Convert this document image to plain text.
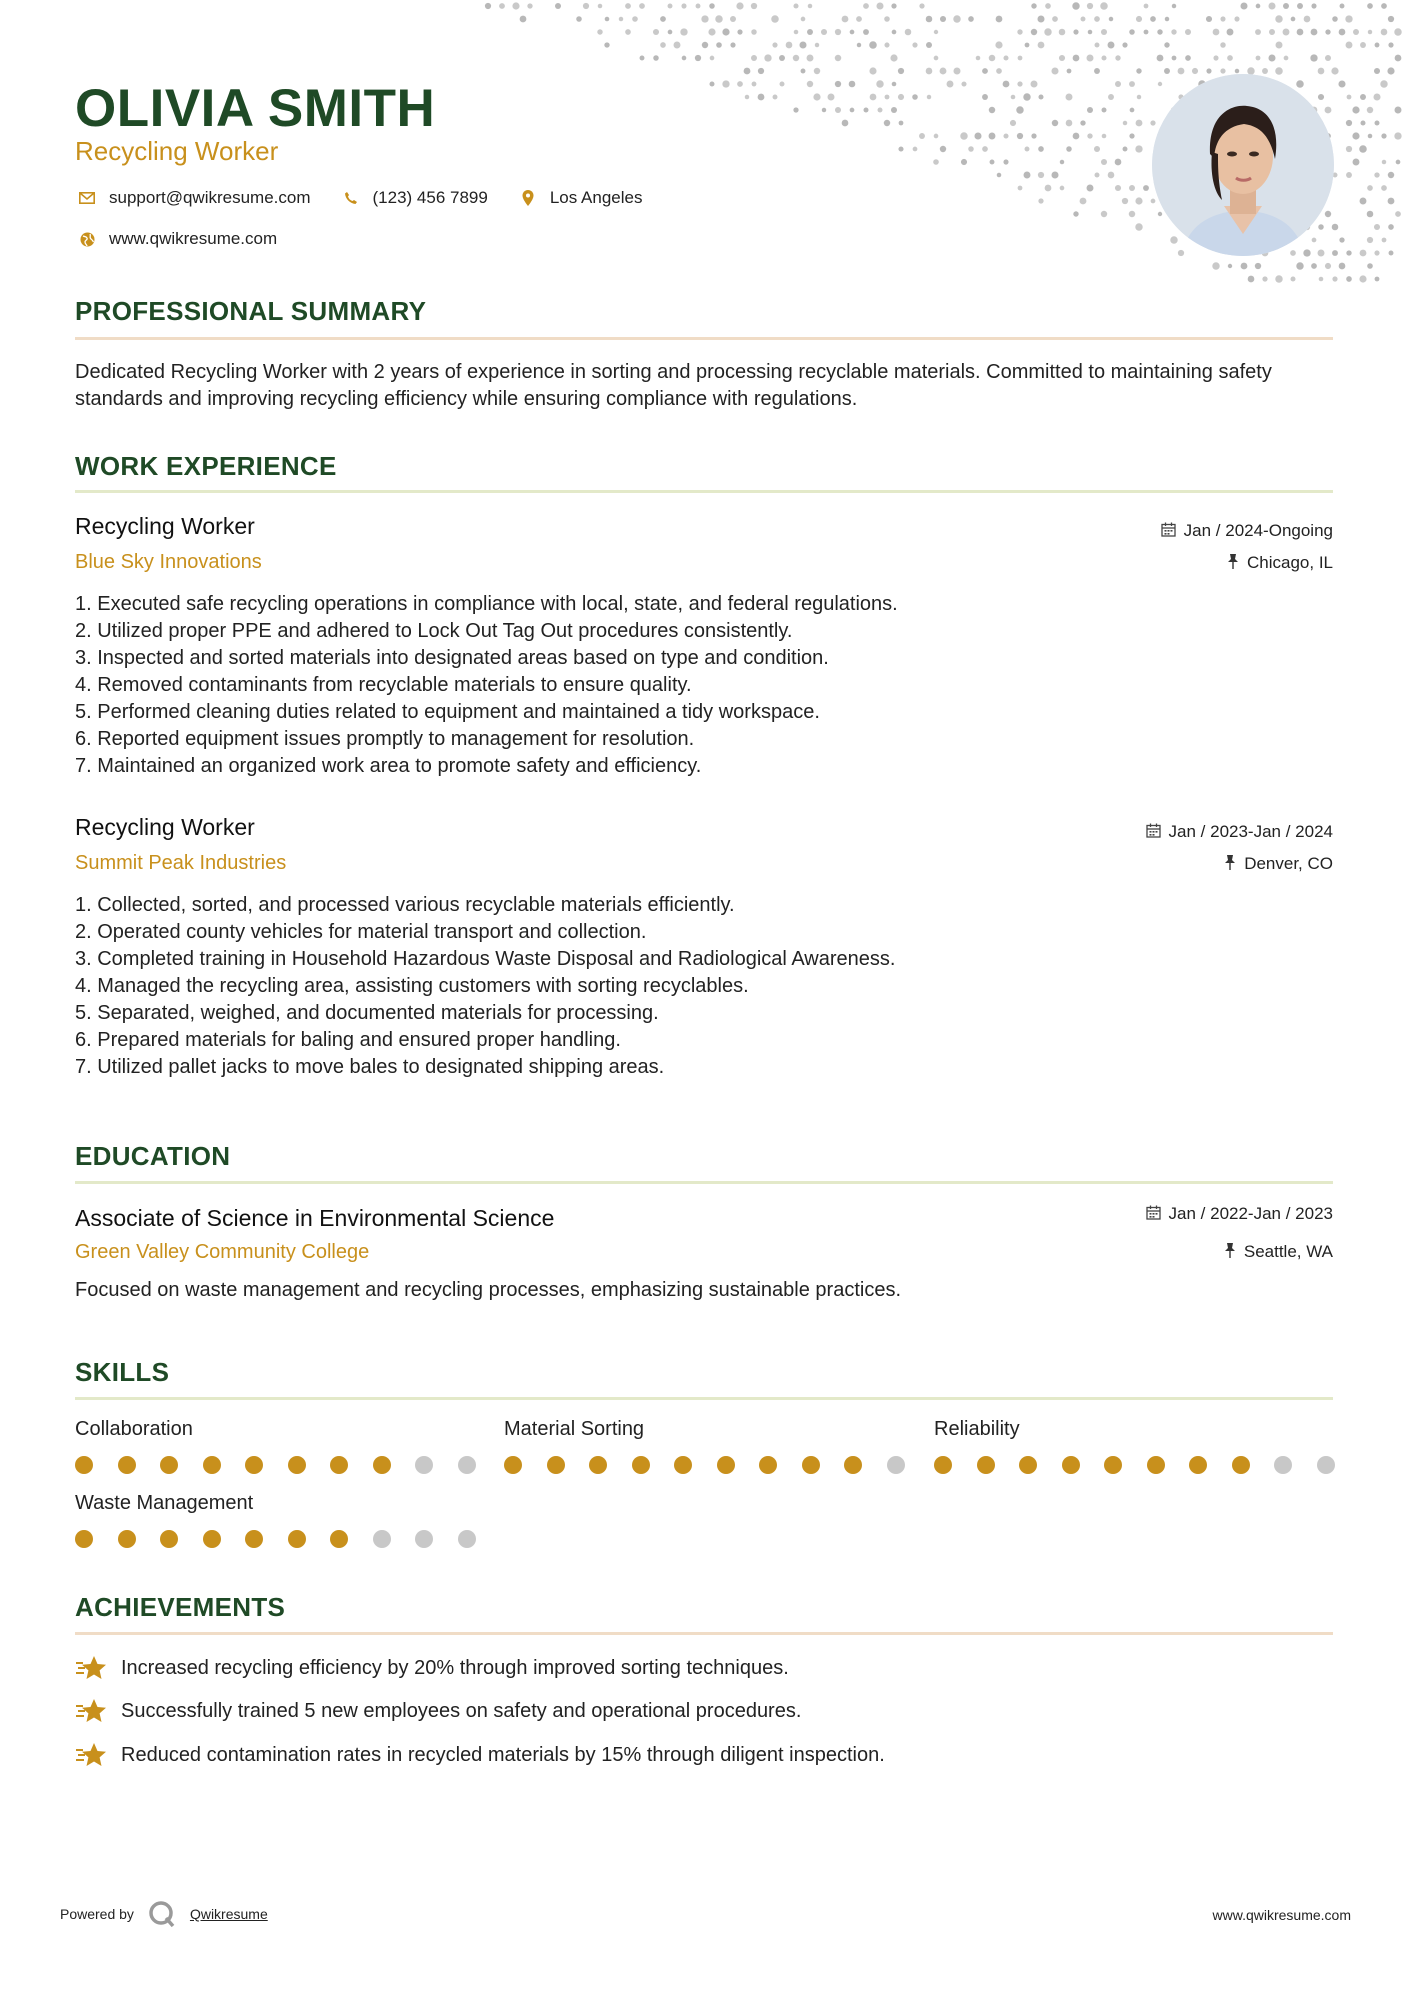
OLIVIA SMITH
Recycling Worker
support@qwikresume.com	(123) 456 7899	Los Angeles
www.qwikresume.com
PROFESSIONAL SUMMARY
Dedicated Recycling Worker with 2 years of experience in sorting and processing recyclable materials. Committed to maintaining safety standards and improving recycling efficiency while ensuring compliance with regulations.
WORK EXPERIENCE
Recycling Worker
Blue Sky Innovations
Jan / 2024-Ongoing
Chicago, IL
1. Executed safe recycling operations in compliance with local, state, and federal regulations.
2. Utilized proper PPE and adhered to Lock Out Tag Out procedures consistently.
3. Inspected and sorted materials into designated areas based on type and condition.
4. Removed contaminants from recyclable materials to ensure quality.
5. Performed cleaning duties related to equipment and maintained a tidy workspace.
6. Reported equipment issues promptly to management for resolution.
7. Maintained an organized work area to promote safety and efficiency.
Recycling Worker
Summit Peak Industries
Jan / 2023-Jan / 2024
Denver, CO
1. Collected, sorted, and processed various recyclable materials efficiently.
2. Operated county vehicles for material transport and collection.
3. Completed training in Household Hazardous Waste Disposal and Radiological Awareness.
4. Managed the recycling area, assisting customers with sorting recyclables.
5. Separated, weighed, and documented materials for processing.
6. Prepared materials for baling and ensured proper handling.
7. Utilized pallet jacks to move bales to designated shipping areas.
EDUCATION
Associate of Science in Environmental Science
Green Valley Community College
Jan / 2022-Jan / 2023
Seattle, WA
Focused on waste management and recycling processes, emphasizing sustainable practices.
SKILLS
Collaboration	Material Sorting	Reliability
Waste Management
ACHIEVEMENTS
Increased recycling efficiency by 20% through improved sorting techniques.
Successfully trained 5 new employees on safety and operational procedures.
Reduced contamination rates in recycled materials by 15% through diligent inspection.
Powered by	Qwikresume	www.qwikresume.com
